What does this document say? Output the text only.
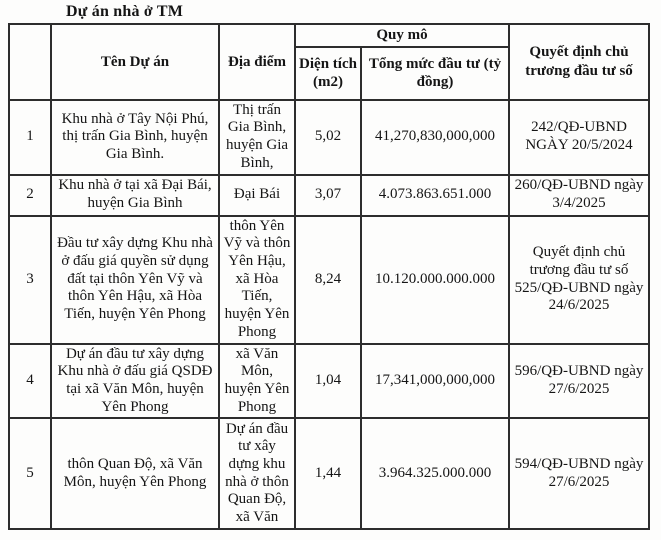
Dự án nhà ở TM
	Tên Dự án	Địa điểm	Quy mô		Quyết định chủ trương đầu tư số
			Diện tích (m2)	Tổng mức đầu tư (tỷ đồng)	
1	Khu nhà ở Tây Nội Phú, thị trấn Gia Bình, huyện Gia Bình.	Thị trấn Gia Bình, huyện Gia Bình,	5,02	41,270,830,000,000	242/QĐ-UBND NGÀY 20/5/2024
2	Khu nhà ở tại xã Đại Bái, huyện Gia Bình	Đại Bái	3,07	4.073.863.651.000	260/QĐ-UBND ngày 3/4/2025
3	Đầu tư xây dựng Khu nhà ở đấu giá quyền sử dụng đất tại thôn Yên Vỹ và thôn Yên Hậu, xã Hòa Tiến, huyện Yên Phong	thôn Yên Vỹ và thôn Yên Hậu, xã Hòa Tiến, huyện Yên Phong	8,24	10.120.000.000.000	Quyết định chủ trương đầu tư số 525/QĐ-UBND ngày 24/6/2025
4	Dự án đầu tư xây dựng Khu nhà ở đấu giá QSDĐ tại xã Văn Môn, huyện Yên Phong	xã Văn Môn, huyện Yên Phong	1,04	17,341,000,000,000	596/QĐ-UBND ngày 27/6/2025
5	thôn Quan Độ, xã Văn Môn, huyện Yên Phong	Dự án đầu tư xây dựng khu nhà ở thôn Quan Độ, xã Văn	1,44	3.964.325.000.000	594/QĐ-UBND ngày 27/6/2025
